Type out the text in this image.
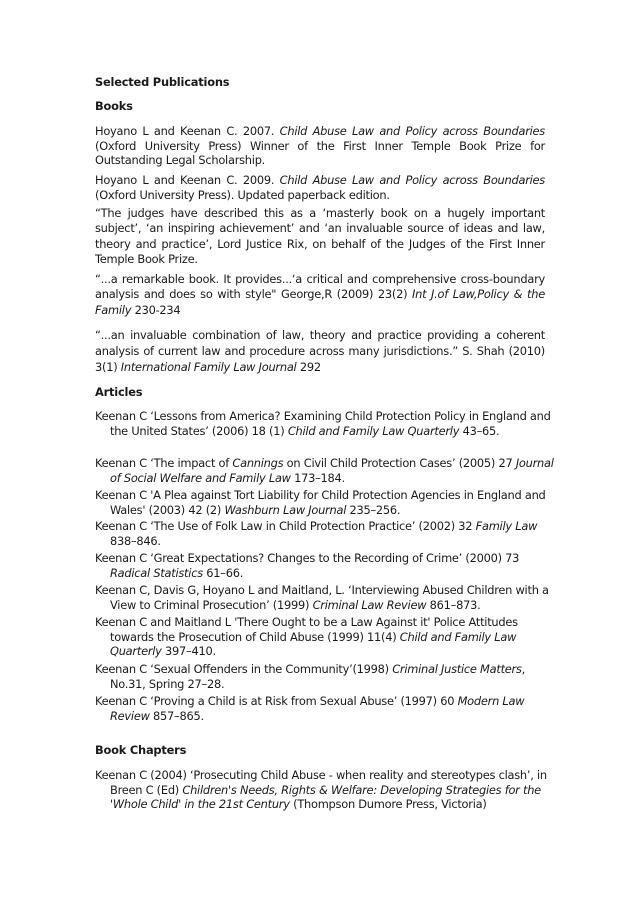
Selected Publications

Books

Hoyano L and Keenan C. 2007. Child Abuse Law and Policy across Boundaries (Oxford University Press) Winner of the First Inner Temple Book Prize for Outstanding Legal Scholarship.

Hoyano L and Keenan C. 2009. Child Abuse Law and Policy across Boundaries (Oxford University Press). Updated paperback edition.

“The judges have described this as a ‘masterly book on a hugely important subject’, ‘an inspiring achievement’ and ‘an invaluable source of ideas and law, theory and practice’, Lord Justice Rix, on behalf of the Judges of the First Inner Temple Book Prize.

“...a remarkable book. It provides...‘a critical and comprehensive cross-boundary analysis and does so with style" George,R (2009) 23(2) Int J.of Law,Policy & the Family 230-234

“...an invaluable combination of law, theory and practice providing a coherent analysis of current law and procedure across many jurisdictions.” S. Shah (2010) 3(1) International Family Law Journal 292

Articles

Keenan C ‘Lessons from America? Examining Child Protection Policy in England and the United States’ (2006) 18 (1) Child and Family Law Quarterly 43–65.

Keenan C ‘The impact of Cannings on Civil Child Protection Cases’ (2005) 27 Journal of Social Welfare and Family Law 173–184.

Keenan C 'A Plea against Tort Liability for Child Protection Agencies in England and Wales' (2003) 42 (2) Washburn Law Journal 235–256.

Keenan C ‘The Use of Folk Law in Child Protection Practice’ (2002) 32 Family Law 838–846.

Keenan C ‘Great Expectations? Changes to the Recording of Crime’ (2000) 73 Radical Statistics 61–66.

Keenan C, Davis G, Hoyano L and Maitland, L. ‘Interviewing Abused Children with a View to Criminal Prosecution’ (1999) Criminal Law Review 861–873.

Keenan C and Maitland L 'There Ought to be a Law Against it' Police Attitudes towards the Prosecution of Child Abuse (1999) 11(4) Child and Family Law Quarterly 397–410.

Keenan C ‘Sexual Offenders in the Community’(1998) Criminal Justice Matters, No.31, Spring 27–28.

Keenan C ‘Proving a Child is at Risk from Sexual Abuse’ (1997) 60 Modern Law Review 857–865.

Book Chapters

Keenan C (2004) ‘Prosecuting Child Abuse - when reality and stereotypes clash’, in Breen C (Ed) Children's Needs, Rights & Welfare: Developing Strategies for the 'Whole Child' in the 21st Century (Thompson Dumore Press, Victoria)
